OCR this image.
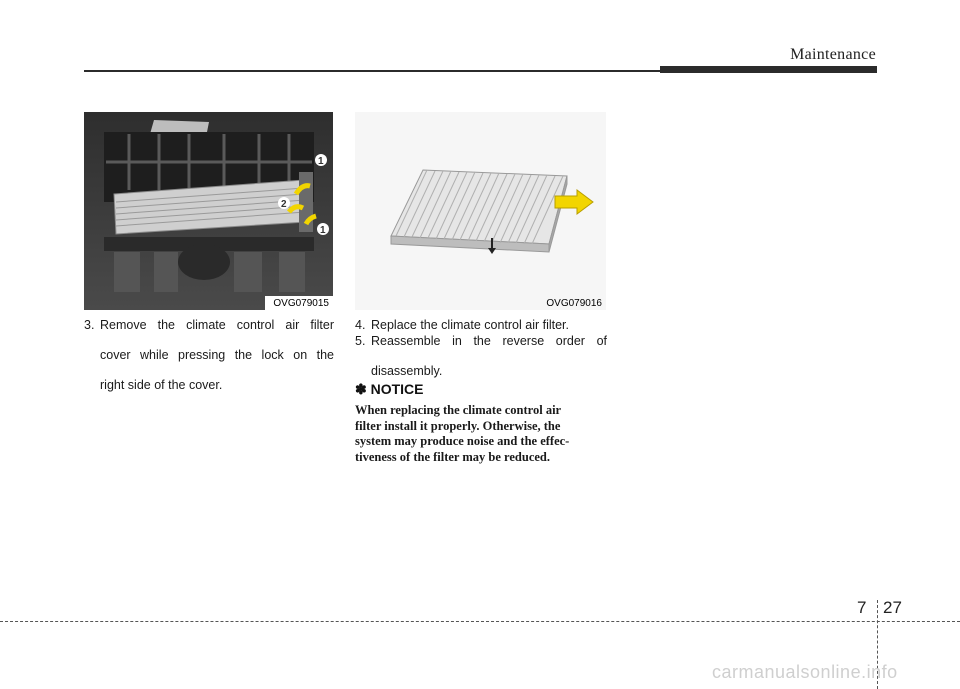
Maintenance
1
2
1
OVG079015	OVG079016
3. Remove the climate control air filter
cover while pressing the lock on the
right side of the cover.
4. Replace the climate control air filter.
5. Reassemble in the reverse order of
disassembly.
✽ NOTICE
When replacing the climate control air
filter install it properly. Otherwise, the
system may produce noise and the effec-
tiveness of the filter may be reduced.
7 27
carmanualsonline.info
